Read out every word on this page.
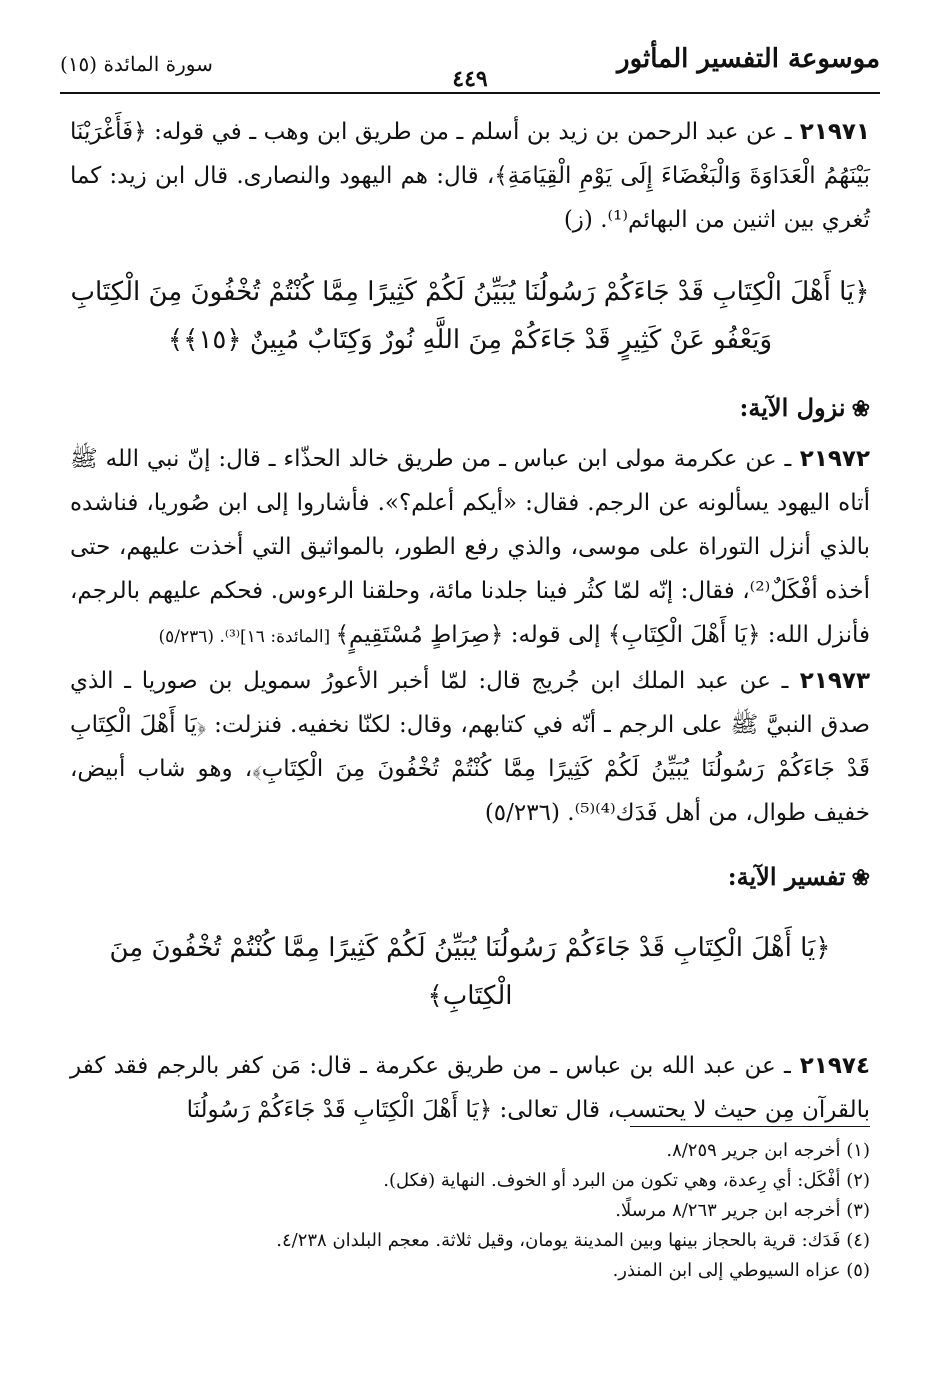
موسوعة التفسير المأثور
٤٤٩
سورة المائدة (١٥)

٢١٩٧١ ـ عن عبد الرحمن بن زيد بن أسلم ـ من طريق ابن وهب ـ في قوله: ﴿فَأَغْرَيْنَا بَيْنَهُمُ الْعَدَاوَةَ وَالْبَغْضَاءَ إِلَى يَوْمِ الْقِيَامَةِ﴾، قال: هم اليهود والنصارى. قال ابن زيد: كما تُغري بين اثنين من البهائم⁽¹⁾. (ز)

﴿يَا أَهْلَ الْكِتَابِ قَدْ جَاءَكُمْ رَسُولُنَا يُبَيِّنُ لَكُمْ كَثِيرًا مِمَّا كُنْتُمْ تُخْفُونَ مِنَ الْكِتَابِ وَيَعْفُو عَنْ كَثِيرٍ قَدْ جَاءَكُمْ مِنَ اللَّهِ نُورٌ وَكِتَابٌ مُبِينٌ ﴿١٥﴾﴾

❀نزول الآية:

٢١٩٧٢ ـ عن عكرمة مولى ابن عباس ـ من طريق خالد الحذّاء ـ قال: إنّ نبي الله ﷺ أتاه اليهود يسألونه عن الرجم. فقال: «أيكم أعلم؟». فأشاروا إلى ابن صُوريا، فناشده بالذي أنزل التوراة على موسى، والذي رفع الطور، بالمواثيق التي أخذت عليهم، حتى أخذه أفْكَلٌ⁽²⁾، فقال: إنّه لمّا كثُر فينا جلدنا مائة، وحلقنا الرءوس. فحكم عليهم بالرجم، فأنزل الله: ﴿يَا أَهْلَ الْكِتَابِ﴾ إلى قوله: ﴿صِرَاطٍ مُسْتَقِيمٍ﴾ [المائدة: ١٦]⁽³⁾. (٥/٢٣٦)

٢١٩٧٣ ـ عن عبد الملك ابن جُريج قال: لمّا أخبر الأعورُ سمويل بن صوريا ـ الذي صدق النبيَّ ﷺ على الرجم ـ أنّه في كتابهم، وقال: لكنّا نخفيه. فنزلت: ﴿يَا أَهْلَ الْكِتَابِ قَدْ جَاءَكُمْ رَسُولُنَا يُبَيِّنُ لَكُمْ كَثِيرًا مِمَّا كُنْتُمْ تُخْفُونَ مِنَ الْكِتَابِ﴾، وهو شاب أبيض، خفيف طوال، من أهل فَدَك⁽⁴⁾⁽⁵⁾. (٥/٢٣٦)

❀تفسير الآية:

﴿يَا أَهْلَ الْكِتَابِ قَدْ جَاءَكُمْ رَسُولُنَا يُبَيِّنُ لَكُمْ كَثِيرًا مِمَّا كُنْتُمْ تُخْفُونَ مِنَ الْكِتَابِ﴾

٢١٩٧٤ ـ عن عبد الله بن عباس ـ من طريق عكرمة ـ قال: مَن كفر بالرجم فقد كفر بالقرآن مِن حيث لا يحتسب، قال تعالى: ﴿يَا أَهْلَ الْكِتَابِ قَدْ جَاءَكُمْ رَسُولُنَا

(١) أخرجه ابن جرير ٨/٢٥٩.

(٢) أفْكَل: أي رِعدة، وهي تكون من البرد أو الخوف. النهاية (فكل).

(٣) أخرجه ابن جرير ٨/٢٦٣ مرسلًا.

(٤) فَدَك: قرية بالحجاز بينها وبين المدينة يومان، وقيل ثلاثة. معجم البلدان ٤/٢٣٨.

(٥) عزاه السيوطي إلى ابن المنذر.
